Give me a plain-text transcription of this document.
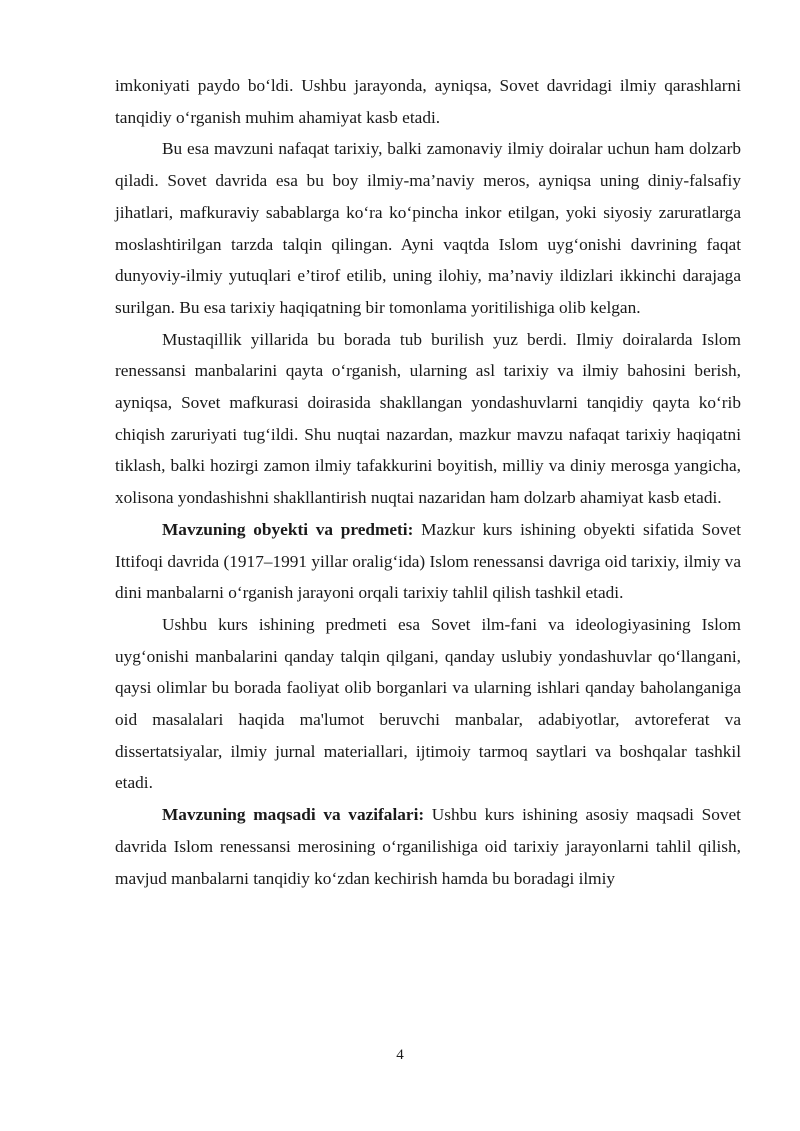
imkoniyati paydo bo‘ldi. Ushbu jarayonda, ayniqsa, Sovet davridagi ilmiy qarashlarni tanqidiy o‘rganish muhim ahamiyat kasb etadi.

Bu esa mavzuni nafaqat tarixiy, balki zamonaviy ilmiy doiralar uchun ham dolzarb qiladi. Sovet davrida esa bu boy ilmiy-ma’naviy meros, ayniqsa uning diniy-falsafiy jihatlari, mafkuraviy sabablarga ko‘ra ko‘pincha inkor etilgan, yoki siyosiy zaruratlarga moslashtirilgan tarzda talqin qilingan. Ayni vaqtda Islom uyg‘onishi davrining faqat dunyoviy-ilmiy yutuqlari e’tirof etilib, uning ilohiy, ma’naviy ildizlari ikkinchi darajaga surilgan. Bu esa tarixiy haqiqatning bir tomonlama yoritilishiga olib kelgan.

Mustaqillik yillarida bu borada tub burilish yuz berdi. Ilmiy doiralarda Islom renessansi manbalarini qayta o‘rganish, ularning asl tarixiy va ilmiy bahosini berish, ayniqsa, Sovet mafkurasi doirasida shakllangan yondashuvlarni tanqidiy qayta ko‘rib chiqish zaruriyati tug‘ildi. Shu nuqtai nazardan, mazkur mavzu nafaqat tarixiy haqiqatni tiklash, balki hozirgi zamon ilmiy tafakkurini boyitish, milliy va diniy merosga yangicha, xolisona yondashishni shakllantirish nuqtai nazaridan ham dolzarb ahamiyat kasb etadi.

Mavzuning obyekti va predmeti: Mazkur kurs ishining obyekti sifatida Sovet Ittifoqi davrida (1917–1991 yillar oralig‘ida) Islom renessansi davriga oid tarixiy, ilmiy va dini manbalarni o‘rganish jarayoni orqali tarixiy tahlil qilish tashkil etadi.

Ushbu kurs ishining predmeti esa Sovet ilm-fani va ideologiyasining Islom uyg‘onishi manbalarini qanday talqin qilgani, qanday uslubiy yondashuvlar qo‘llangani, qaysi olimlar bu borada faoliyat olib borganlari va ularning ishlari qanday baholanganiga oid masalalari haqida ma'lumot beruvchi manbalar, adabiyotlar, avtoreferat va dissertatsiyalar, ilmiy jurnal materiallari, ijtimoiy tarmoq saytlari va boshqalar tashkil etadi.

Mavzuning maqsadi va vazifalari: Ushbu kurs ishining asosiy maqsadi Sovet davrida Islom renessansi merosining o‘rganilishiga oid tarixiy jarayonlarni tahlil qilish, mavjud manbalarni tanqidiy ko‘zdan kechirish hamda bu boradagi ilmiy

4
